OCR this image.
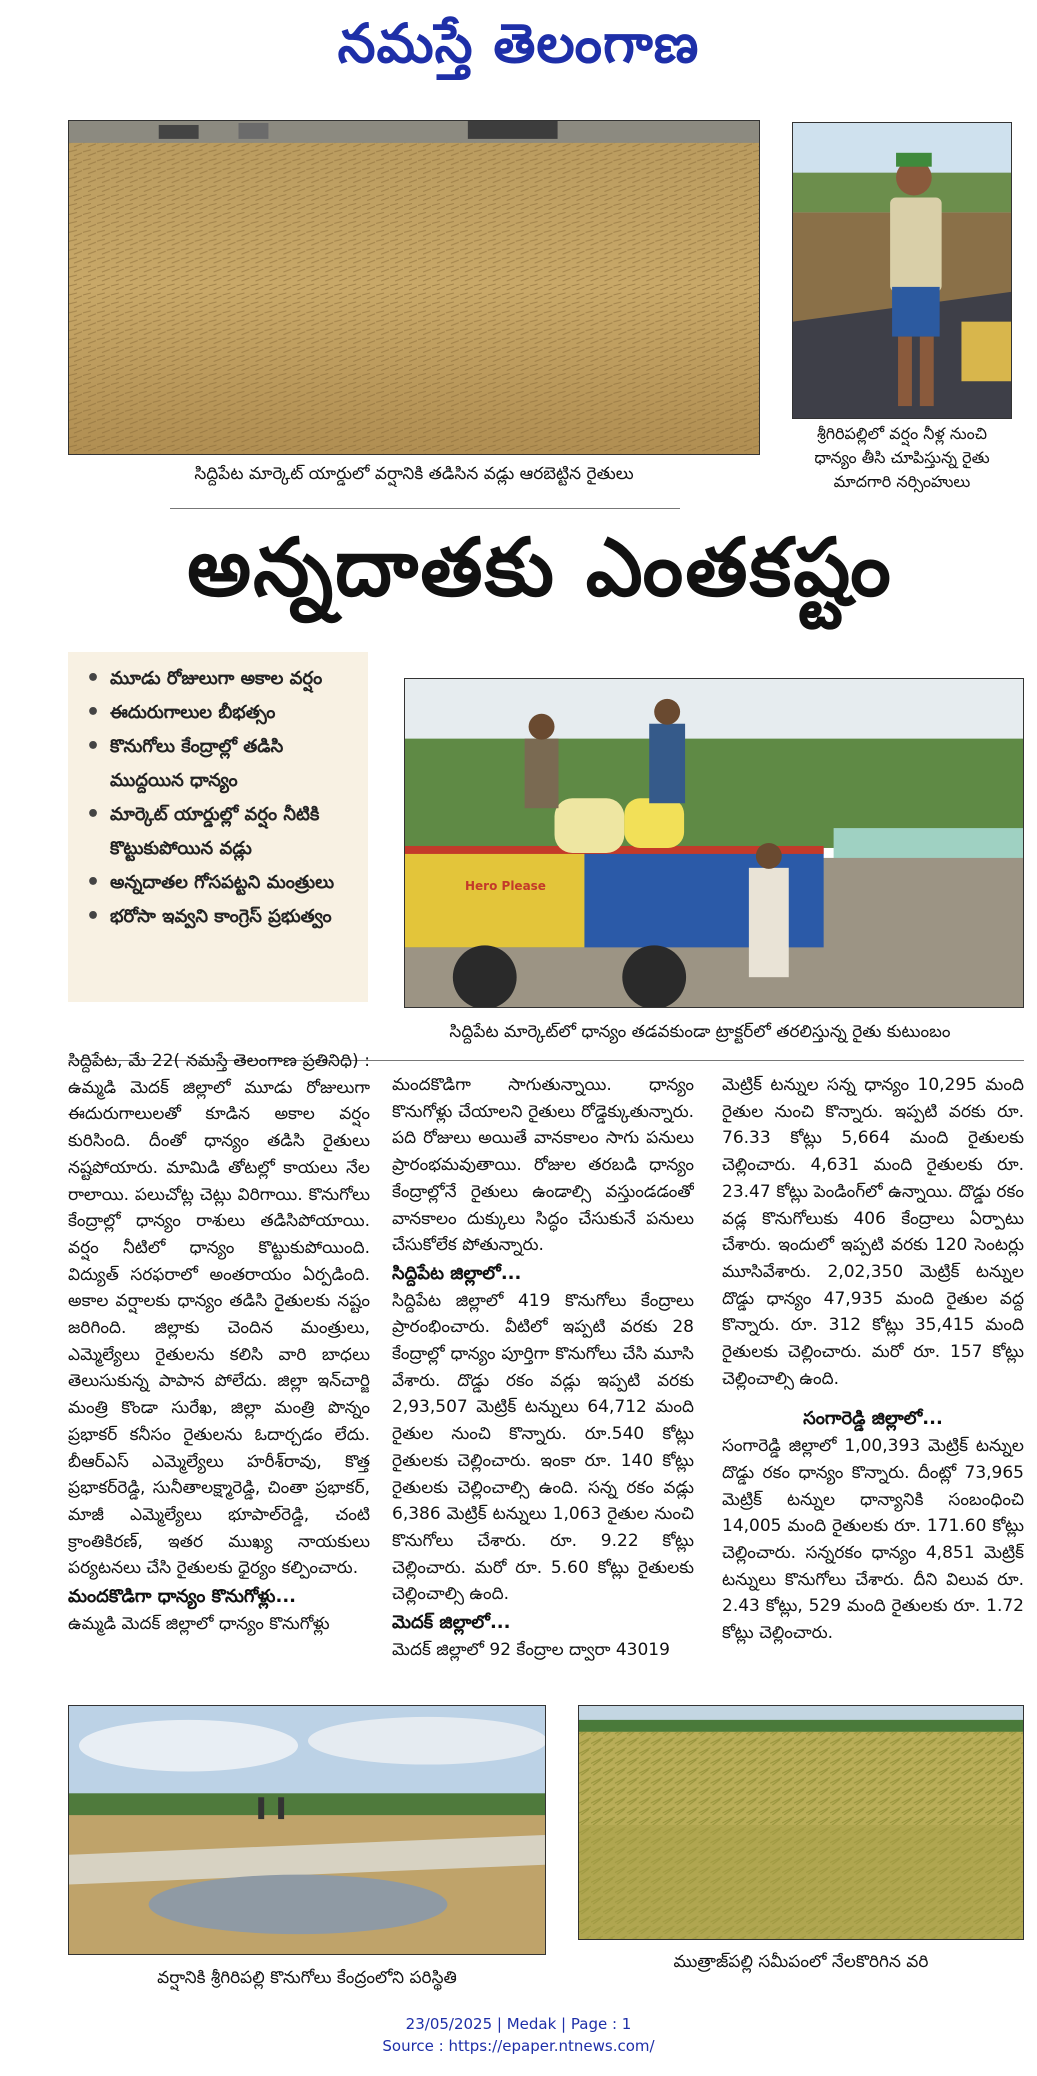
నమస్తే తెలంగాణ
సిద్దిపేట మార్కెట్ యార్డులో వర్షానికి తడిసిన వడ్లు ఆరబెట్టిన రైతులు
శ్రీగిరిపల్లిలో వర్షం నీళ్ల నుంచి
ధాన్యం తీసి చూపిస్తున్న రైతు
మాదగారి నర్సింహులు
అన్నదాతకు ఎంతకష్టం
• మూడు రోజులుగా అకాల వర్షం
• ఈదురుగాలుల బీభత్సం
• కొనుగోలు కేంద్రాల్లో తడిసి ముద్దయిన ధాన్యం
• మార్కెట్ యార్డుల్లో వర్షం నీటికి కొట్టుకుపోయిన వడ్లు
• అన్నదాతల గోసపట్టని మంత్రులు
• భరోసా ఇవ్వని కాంగ్రెస్ ప్రభుత్వం
Hero Please
సిద్దిపేట మార్కెట్‌లో ధాన్యం తడవకుండా ట్రాక్టర్‌లో తరలిస్తున్న రైతు కుటుంబం

సిద్దిపేట, మే 22( నమస్తే తెలంగాణ ప్రతినిధి) : ఉమ్మడి మెదక్ జిల్లాలో మూడు రోజులుగా ఈదురుగాలులతో కూడిన అకాల వర్షం కురిసింది. దీంతో ధాన్యం తడిసి రైతులు నష్టపోయారు. మామిడి తోటల్లో కాయలు నేల రాలాయి. పలుచోట్ల చెట్లు విరిగాయి. కొనుగోలు కేంద్రాల్లో ధాన్యం రాశులు తడిసిపోయాయి. వర్షం నీటిలో ధాన్యం కొట్టుకుపోయింది. విద్యుత్ సరఫరాలో అంతరాయం ఏర్పడింది. అకాల వర్షాలకు ధాన్యం తడిసి రైతులకు నష్టం జరిగింది. జిల్లాకు చెందిన మంత్రులు, ఎమ్మెల్యేలు రైతులను కలిసి వారి బాధలు తెలుసుకున్న పాపాన పోలేదు. జిల్లా ఇన్‌చార్జి మంత్రి కొండా సురేఖ, జిల్లా మంత్రి పొన్నం ప్రభాకర్ కనీసం రైతులను ఓదార్చడం లేదు. బీఆర్ఎస్ ఎమ్మెల్యేలు హరీశ్‌రావు, కొత్త ప్రభాకర్‌రెడ్డి, సునీతాలక్ష్మారెడ్డి, చింతా ప్రభాకర్, మాజీ ఎమ్మెల్యేలు భూపాల్‌రెడ్డి, చంటి క్రాంతికిరణ్, ఇతర ముఖ్య నాయకులు పర్యటనలు చేసి రైతులకు ధైర్యం కల్పించారు.

మందకొడిగా ధాన్యం కొనుగోళ్లు...

ఉమ్మడి మెదక్ జిల్లాలో ధాన్యం కొనుగోళ్లు

మందకొడిగా సాగుతున్నాయి. ధాన్యం కొనుగోళ్లు చేయాలని రైతులు రోడ్డెక్కుతున్నారు. పది రోజులు అయితే వానకాలం సాగు పనులు ప్రారంభమవుతాయి. రోజుల తరబడి ధాన్యం కేంద్రాల్లోనే రైతులు ఉండాల్సి వస్తుండడంతో వానకాలం దుక్కులు సిద్ధం చేసుకునే పనులు చేసుకోలేక పోతున్నారు.

సిద్దిపేట జిల్లాలో...

సిద్దిపేట జిల్లాలో 419 కొనుగోలు కేంద్రాలు ప్రారంభించారు. వీటిలో ఇప్పటి వరకు 28 కేంద్రాల్లో ధాన్యం పూర్తిగా కొనుగోలు చేసి మూసి వేశారు. దొడ్డు రకం వడ్లు ఇప్పటి వరకు 2,93,507 మెట్రిక్ టన్నులు 64,712 మంది రైతుల నుంచి కొన్నారు. రూ.540 కోట్లు రైతులకు చెల్లించారు. ఇంకా రూ. 140 కోట్లు రైతులకు చెల్లించాల్సి ఉంది. సన్న రకం వడ్లు 6,386 మెట్రిక్ టన్నులు 1,063 రైతుల నుంచి కొనుగోలు చేశారు. రూ. 9.22 కోట్లు చెల్లించారు. మరో రూ. 5.60 కోట్లు రైతులకు చెల్లించాల్సి ఉంది.

మెదక్ జిల్లాలో...

మెదక్ జిల్లాలో 92 కేంద్రాల ద్వారా 43019

మెట్రిక్ టన్నుల సన్న ధాన్యం 10,295 మంది రైతుల నుంచి కొన్నారు. ఇప్పటి వరకు రూ. 76.33 కోట్లు 5,664 మంది రైతులకు చెల్లించారు. 4,631 మంది రైతులకు రూ. 23.47 కోట్లు పెండింగ్‌లో ఉన్నాయి. దొడ్డు రకం వడ్ల కొనుగోలుకు 406 కేంద్రాలు ఏర్పాటు చేశారు. ఇందులో ఇప్పటి వరకు 120 సెంటర్లు మూసివేశారు. 2,02,350 మెట్రిక్ టన్నుల దొడ్డు ధాన్యం 47,935 మంది రైతుల వద్ద కొన్నారు. రూ. 312 కోట్లు 35,415 మంది రైతులకు చెల్లించారు. మరో రూ. 157 కోట్లు చెల్లించాల్సి ఉంది.

సంగారెడ్డి జిల్లాలో...

సంగారెడ్డి జిల్లాలో 1,00,393 మెట్రిక్ టన్నుల దొడ్డు రకం ధాన్యం కొన్నారు. దీంట్లో 73,965 మెట్రిక్ టన్నుల ధాన్యానికి సంబంధించి 14,005 మంది రైతులకు రూ. 171.60 కోట్లు చెల్లించారు. సన్నరకం ధాన్యం 4,851 మెట్రిక్ టన్నులు కొనుగోలు చేశారు. దీని విలువ రూ. 2.43 కోట్లు, 529 మంది రైతులకు రూ. 1.72 కోట్లు చెల్లించారు.

వర్షానికి శ్రీగిరిపల్లి కొనుగోలు కేంద్రంలోని పరిస్థితి
ముత్రాజ్‌పల్లి సమీపంలో నేలకొరిగిన వరి
23/05/2025 | Medak | Page : 1
Source : https://epaper.ntnews.com/
